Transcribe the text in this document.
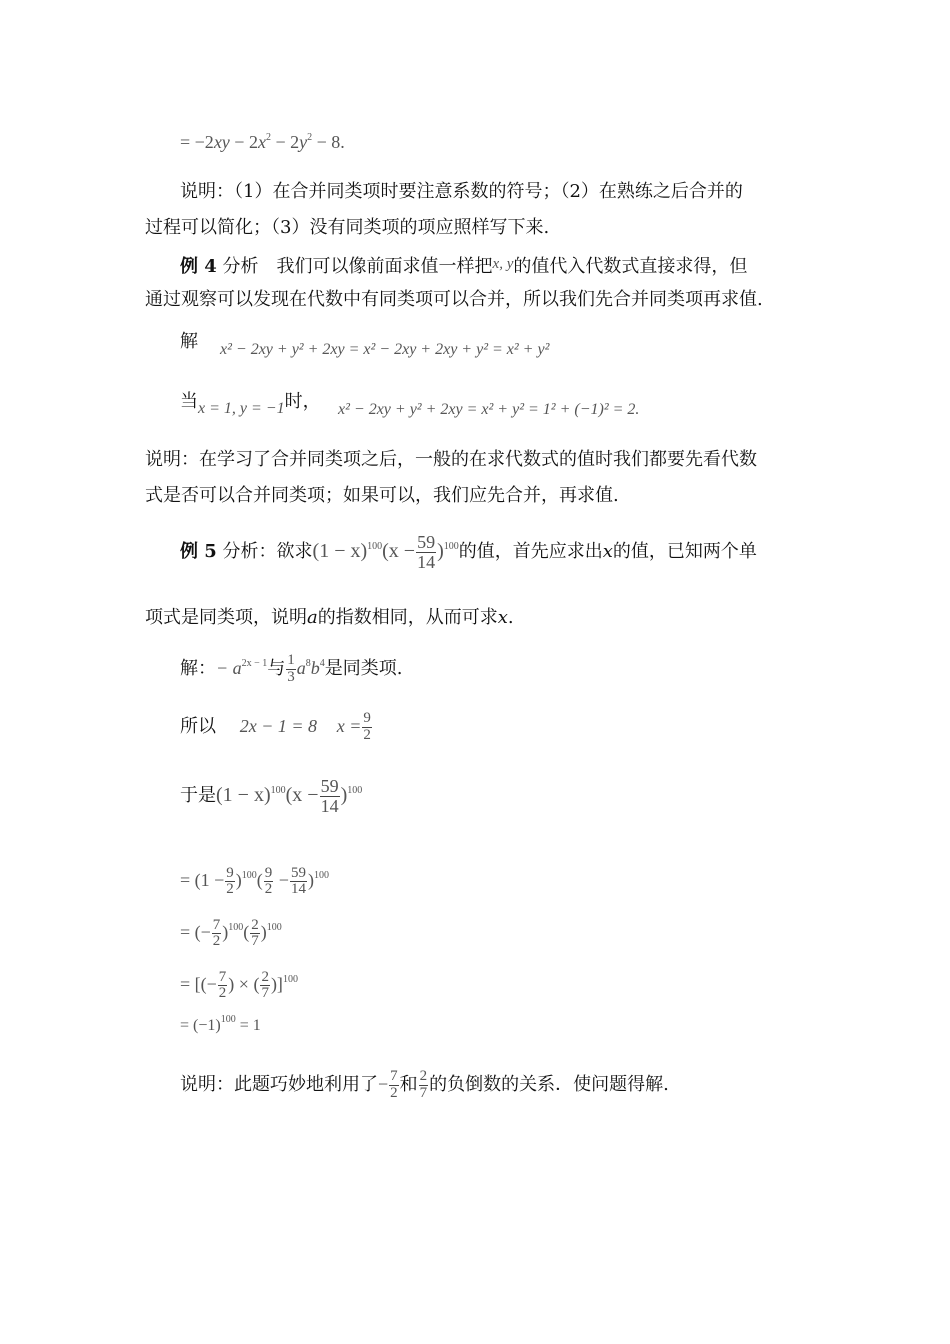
= $-2xy - 2x^2 - 2y^2 - 8$.
说明：（1）在合并同类项时要注意系数的符号；（2）在熟练之后合并的
过程可以简化；（3）没有同类项的项应照样写下来.
例 4 分析　我们可以像前面求值一样把$^{x, y}$的值代入代数式直接求得，但
通过观察可以发现在代数中有同类项可以合并，所以我们先合并同类项再求值.
解 x² − 2xy + y² + 2xy = x² − 2xy + 2xy + y² = x² + y²
当x = 1, y = −1时， x² − 2xy + y² + 2xy = x² + y² = 1² + (−1)² = 2.
说明：在学习了合并同类项之后，一般的在求代数式的值时我们都要先看代数
式是否可以合并同类项；如果可以，我们应先合并，再求值.
例 5 分析：欲求$(1 - x)^{100}(x - \frac{59}{14} )^{100}$的值，首先应求出x的值，已知两个单
项式是同类项，说明a的指数相同，从而可求x.
解：− $a^{2x - 1}$与 $\frac{1}{3} a^8b^4$是同类项.
所以 2x − 1 = 8 $x = \frac{9}{2}$
于是$(1 - x)^{100}(x - \frac{59}{14} )^{100}$
= $(1 - \frac{9}{2} )^{100}( \frac{9}{2} - \frac{59}{14} )^{100}$
= (− $\frac{7}{2} )^{100}( \frac{2}{7} )^{100}$
= [(− $\frac{7}{2}$ ) × ( $\frac{2}{7} )]^{100}$
= $(-1)^{100} = 1$
说明：此题巧妙地利用了− $\frac{7}{2}$ 和 $\frac{2}{7}$ 的负倒数的关系．使问题得解.
